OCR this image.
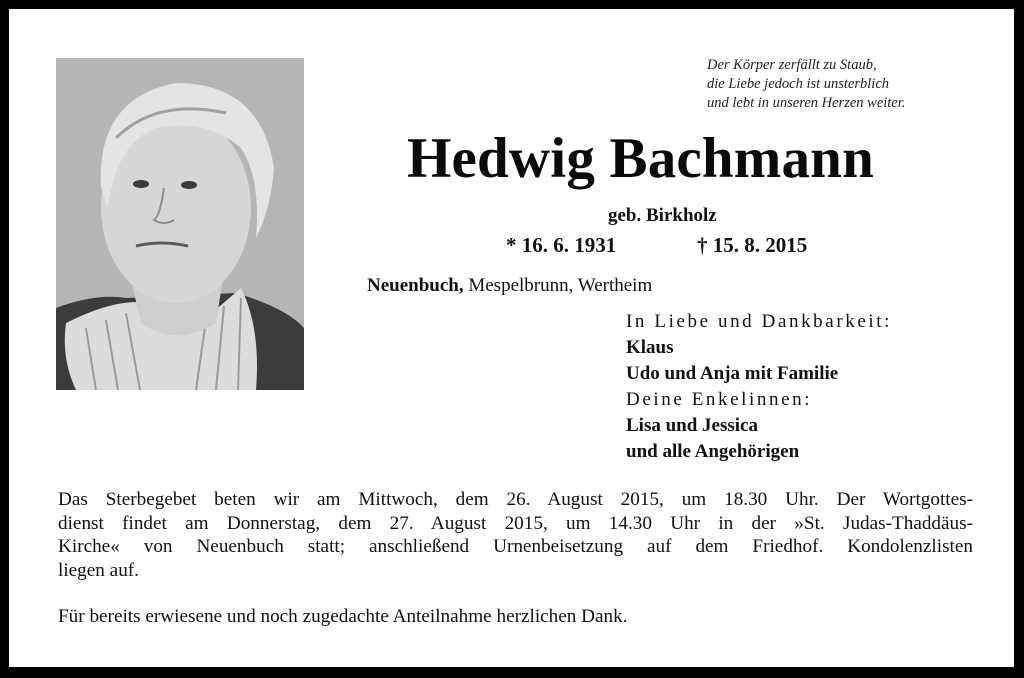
Der Körper zerfällt zu Staub,
die Liebe jedoch ist unsterblich
und lebt in unseren Herzen weiter.
Hedwig Bachmann
geb. Birkholz
* 16. 6. 1931	† 15. 8. 2015
Neuenbuch, Mespelbrunn, Wertheim
In Liebe und Dankbarkeit:
Klaus
Udo und Anja mit Familie
Deine Enkelinnen:
Lisa und Jessica
und alle Angehörigen
Das Sterbegebet beten wir am Mittwoch, dem 26. August 2015, um 18.30 Uhr. Der Wortgottes-
dienst findet am Donnerstag, dem 27. August 2015, um 14.30 Uhr in der »St. Judas-Thaddäus-
Kirche« von Neuenbuch statt; anschließend Urnenbeisetzung auf dem Friedhof. Kondolenzlisten
liegen auf.
Für bereits erwiesene und noch zugedachte Anteilnahme herzlichen Dank.
